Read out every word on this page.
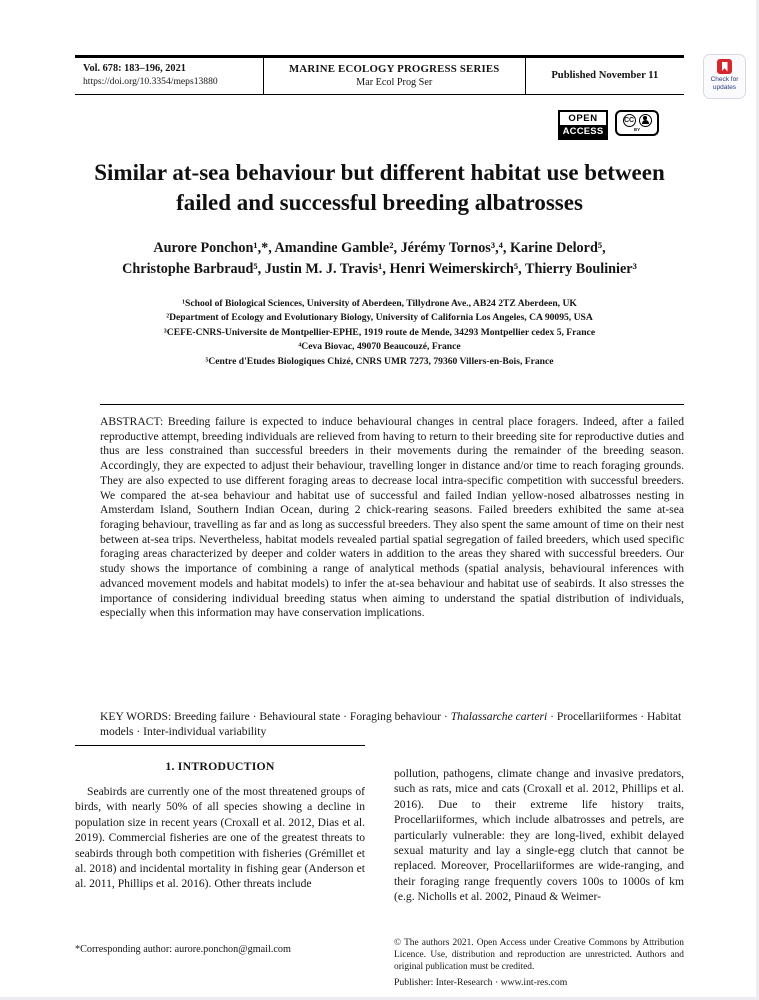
Vol. 678: 183–196, 2021
https://doi.org/10.3354/meps13880
MARINE ECOLOGY PROGRESS SERIES
Mar Ecol Prog Ser
Published November 11	Check for updates
OPEN
ACCESS
CC
BY
Similar at-sea behaviour but different habitat use between failed and successful breeding albatrosses
Aurore Ponchon¹,*, Amandine Gamble², Jérémy Tornos³,⁴, Karine Delord⁵,
Christophe Barbraud⁵, Justin M. J. Travis¹, Henri Weimerskirch⁵, Thierry Boulinier³
¹School of Biological Sciences, University of Aberdeen, Tillydrone Ave., AB24 2TZ Aberdeen, UK
²Department of Ecology and Evolutionary Biology, University of California Los Angeles, CA 90095, USA
³CEFE-CNRS-Universite de Montpellier-EPHE, 1919 route de Mende, 34293 Montpellier cedex 5, France
⁴Ceva Biovac, 49070 Beaucouzé, France
⁵Centre d'Etudes Biologiques Chizé, CNRS UMR 7273, 79360 Villers-en-Bois, France
ABSTRACT: Breeding failure is expected to induce behavioural changes in central place foragers. Indeed, after a failed reproductive attempt, breeding individuals are relieved from having to return to their breeding site for reproductive duties and thus are less constrained than successful breeders in their movements during the remainder of the breeding season. Accordingly, they are expected to adjust their behaviour, travelling longer in distance and/or time to reach foraging grounds. They are also expected to use different foraging areas to decrease local intra-specific competition with successful breeders. We compared the at-sea behaviour and habitat use of successful and failed Indian yellow-nosed albatrosses nesting in Amsterdam Island, Southern Indian Ocean, during 2 chick-rearing seasons. Failed breeders exhibited the same at-sea foraging behaviour, travelling as far and as long as successful breeders. They also spent the same amount of time on their nest between at-sea trips. Nevertheless, habitat models revealed partial spatial segregation of failed breeders, which used specific foraging areas characterized by deeper and colder waters in addition to the areas they shared with successful breeders. Our study shows the importance of combining a range of analytical methods (spatial analysis, behavioural inferences with advanced movement models and habitat models) to infer the at-sea behaviour and habitat use of seabirds. It also stresses the importance of considering individual breeding status when aiming to understand the spatial distribution of individuals, especially when this information may have conservation implications.
KEY WORDS: Breeding failure · Behavioural state · Foraging behaviour · Thalassarche carteri · Procellariiformes · Habitat models · Inter-individual variability
1. INTRODUCTION

Seabirds are currently one of the most threatened groups of birds, with nearly 50% of all species showing a decline in population size in recent years (Croxall et al. 2012, Dias et al. 2019). Commercial fisheries are one of the greatest threats to seabirds through both competition with fisheries (Grémillet et al. 2018) and incidental mortality in fishing gear (Anderson et al. 2011, Phillips et al. 2016). Other threats include

pollution, pathogens, climate change and invasive predators, such as rats, mice and cats (Croxall et al. 2012, Phillips et al. 2016). Due to their extreme life history traits, Procellariiformes, which include albatrosses and petrels, are particularly vulnerable: they are long-lived, exhibit delayed sexual maturity and lay a single-egg clutch that cannot be replaced. Moreover, Procellariiformes are wide-ranging, and their foraging range frequently covers 100s to 1000s of km (e.g. Nicholls et al. 2002, Pinaud & Weimer-

*Corresponding author: aurore.ponchon@gmail.com
© The authors 2021. Open Access under Creative Commons by Attribution Licence. Use, distribution and reproduction are unrestricted. Authors and original publication must be credited.
Publisher: Inter-Research · www.int-res.com
